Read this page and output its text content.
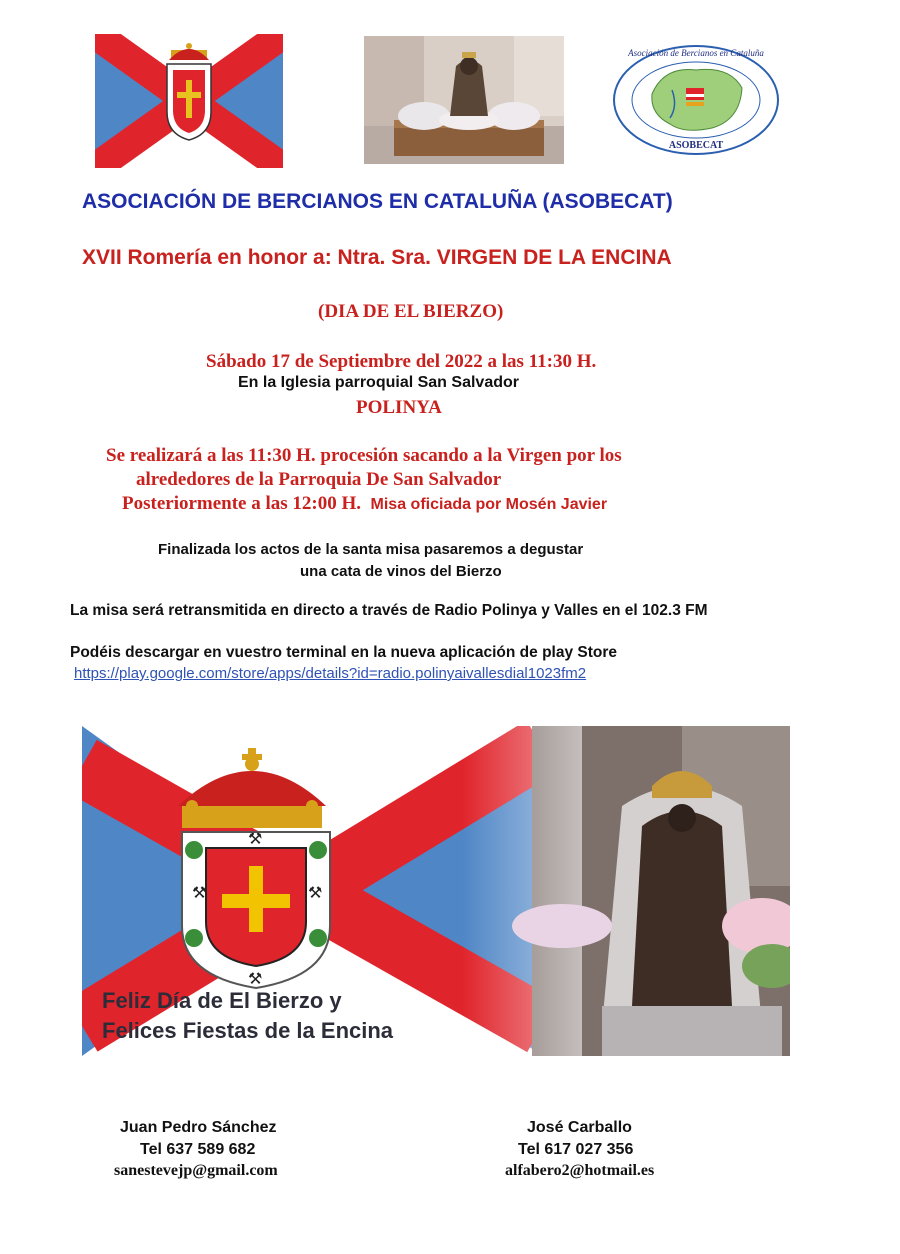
Asociación de Bercianos en Cataluña
ASOBECAT
ASOCIACIÓN DE BERCIANOS EN CATALUÑA (ASOBECAT)
XVII Romería en honor a: Ntra. Sra. VIRGEN DE LA ENCINA
(DIA DE EL BIERZO)
Sábado 17 de Septiembre del 2022 a las 11:30 H.
En la Iglesia parroquial San Salvador
POLINYA
Se realizará a las 11:30 H. procesión sacando a la Virgen por los
alrededores de la Parroquia De San Salvador
Posteriormente a las 12:00 H. Misa oficiada por Mosén Javier
Finalizada los actos de la santa misa pasaremos a degustar
una cata de vinos del Bierzo
La misa será retransmitida en directo a través de Radio Polinya y Valles en el 102.3 FM
Podéis descargar en vuestro terminal en la nueva aplicación de play Store
https://play.google.com/store/apps/details?id=radio.polinyaivallesdial1023fm2
⚒	⚒
⚒
⚒
Feliz Día de El Bierzo y
Felices Fiestas de la Encina
Juan Pedro Sánchez
Tel 637 589 682
sanestevejp@gmail.com
José Carballo
Tel 617 027 356
alfabero2@hotmail.es
